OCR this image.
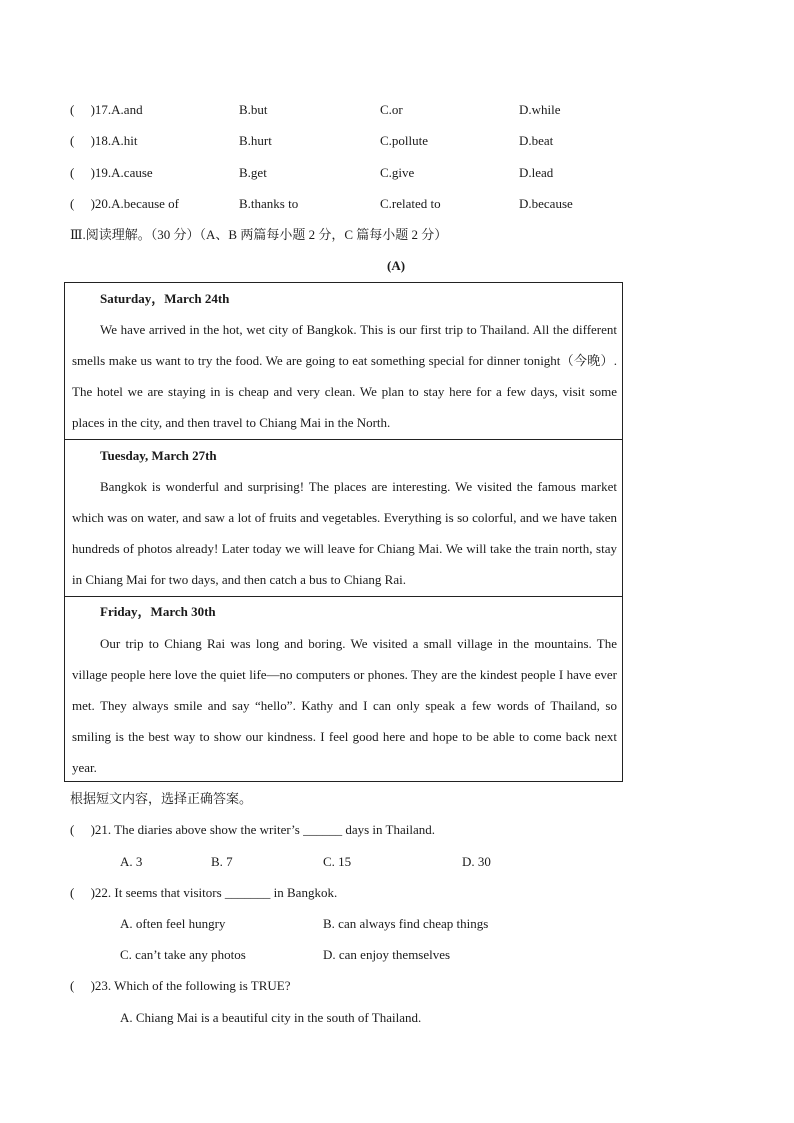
(     )17.A.and	B.but	C.or	D.while
(     )18.A.hit	B.hurt	C.pollute	D.beat
(     )19.A.cause	B.get	C.give	D.lead
(     )20.A.because of	B.thanks to	C.related to	D.because
Ⅲ.阅读理解。（30 分）（A、B 两篇每小题 2 分，C 篇每小题 2 分）
(A)
Saturday，March 24th

We have arrived in the hot, wet city of Bangkok. This is our first trip to Thailand. All the different smells make us want to try the food. We are going to eat something special for dinner tonight（今晚）. The hotel we are staying in is cheap and very clean. We plan to stay here for a few days, visit some places in the city, and then travel to Chiang Mai in the North.

Tuesday, March 27th

Bangkok is wonderful and surprising! The places are interesting. We visited the famous market which was on water, and saw a lot of fruits and vegetables. Everything is so colorful, and we have taken hundreds of photos already! Later today we will leave for Chiang Mai. We will take the train north, stay in Chiang Mai for two days, and then catch a bus to Chiang Rai.

Friday，March 30th

Our trip to Chiang Rai was long and boring. We visited a small village in the mountains. The village people here love the quiet life—no computers or phones. They are the kindest people I have ever met. They always smile and say “hello”. Kathy and I can only speak a few words of Thailand, so smiling is the best way to show our kindness. I feel good here and hope to be able to come back next year.

根据短文内容，选择正确答案。
(     )21. The diaries above show the writer’s ______ days in Thailand.
A. 3	B. 7	C. 15	D. 30
(     )22. It seems that visitors _______ in Bangkok.
A. often feel hungry	B. can always find cheap things
C. can’t take any photos	D. can enjoy themselves
(     )23. Which of the following is TRUE?
A. Chiang Mai is a beautiful city in the south of Thailand.
